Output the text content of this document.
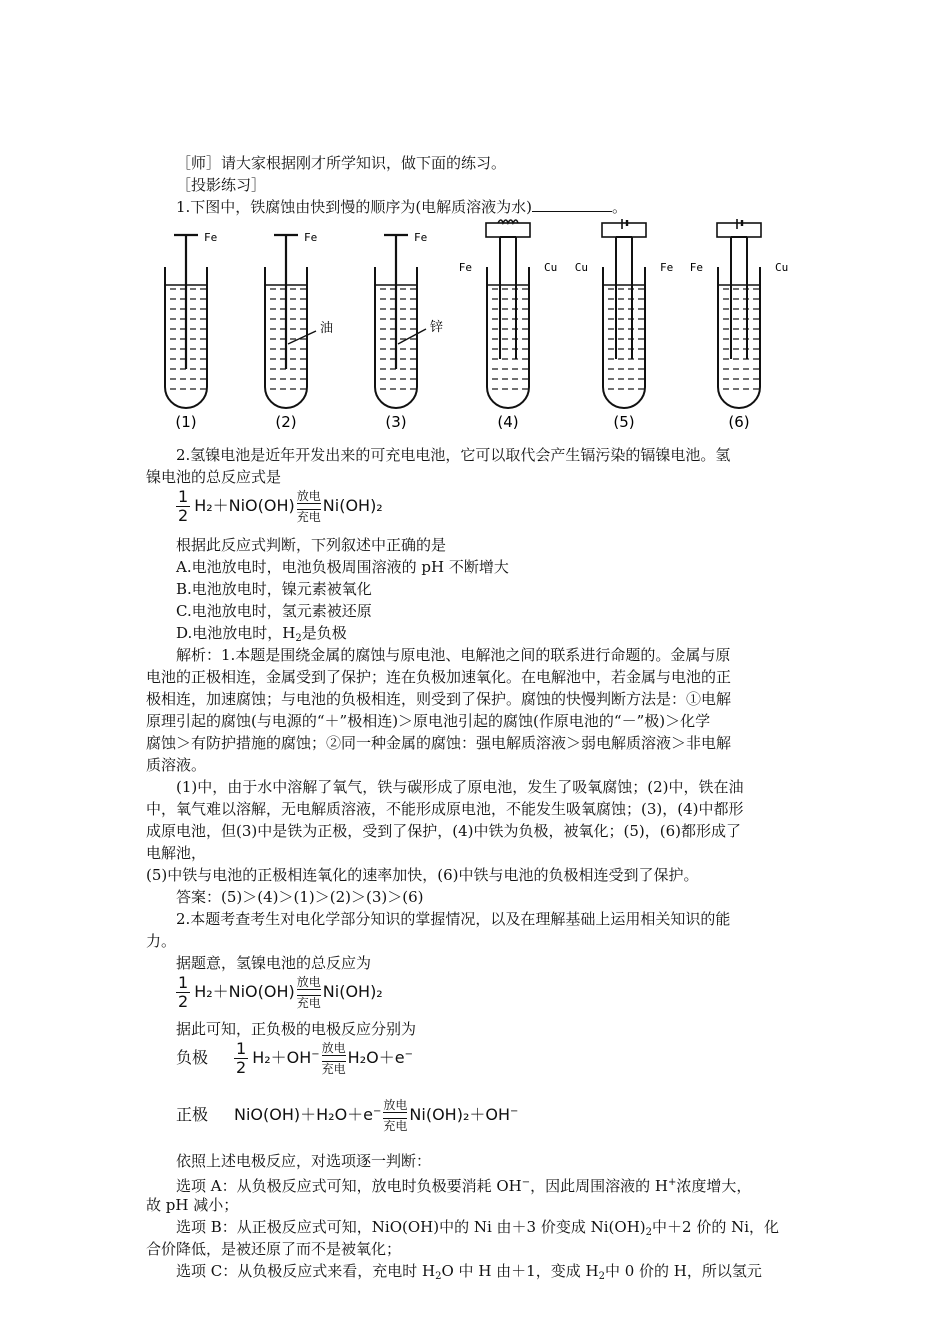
［师］请大家根据刚才所学知识，做下面的练习。
［投影练习］
1.下图中，铁腐蚀由快到慢的顺序为(电解质溶液为水)	。
(1)
Fe
(2)
Fe
油
(3)
Fe
锌
(4)
Fe	Cu
(5)
Cu	Fe
(6)
Fe	Cu
2.氢镍电池是近年开发出来的可充电电池，它可以取代会产生镉污染的镉镍电池。氢
镍电池的总反应式是
$\frac{1}{2} H_2+NiO(OH)$ 放电
充电Ni(OH)₂
根据此反应式判断，下列叙述中正确的是
A.电池放电时，电池负极周围溶液的 pH 不断增大
B.电池放电时，镍元素被氧化
C.电池放电时，氢元素被还原
D.电池放电时，$H_2$是负极
解析：1.本题是围绕金属的腐蚀与原电池、电解池之间的联系进行命题的。金属与原
电池的正极相连，金属受到了保护；连在负极加速氧化。在电解池中，若金属与电池的正
极相连，加速腐蚀；与电池的负极相连，则受到了保护。腐蚀的快慢判断方法是：①电解
原理引起的腐蚀(与电源的“＋”极相连)＞原电池引起的腐蚀(作原电池的“－”极)＞化学
腐蚀＞有防护措施的腐蚀；②同一种金属的腐蚀：强电解质溶液＞弱电解质溶液＞非电解
质溶液。
(1)中，由于水中溶解了氧气，铁与碳形成了原电池，发生了吸氧腐蚀；(2)中，铁在油
中，氧气难以溶解，无电解质溶液，不能形成原电池，不能发生吸氧腐蚀；(3)，(4)中都形
成原电池，但(3)中是铁为正极，受到了保护，(4)中铁为负极，被氧化；(5)，(6)都形成了
电解池，
(5)中铁与电池的正极相连氧化的速率加快，(6)中铁与电池的负极相连受到了保护。
答案：(5)＞(4)＞(1)＞(2)＞(3)＞(6)
2.本题考查考生对电化学部分知识的掌握情况，以及在理解基础上运用相关知识的能
力。
据题意，氢镍电池的总反应为
$\frac{1}{2} H_2+NiO(OH)$ 放电
充电Ni(OH)₂
据此可知，正负极的电极反应分别为
负极 $\frac{1}{2} H_2+OH^-$ 放电
充电H₂O＋e−
正极 NiO(OH)＋H₂O＋e− 放电
充电Ni(OH)₂＋OH−
依照上述电极反应，对选项逐一判断：
选项 A：从负极反应式可知，放电时负极要消耗 OH−，因此周围溶液的 H+浓度增大，
故 pH 减小；
选项 B：从正极反应式可知，NiO(OH)中的 Ni 由＋3 价变成 $Ni(OH)_2$中＋2 价的 Ni，化
合价降低，是被还原了而不是被氧化；
选项 C：从负极反应式来看，充电时 $H_2O$ 中 H 由＋1，变成 $H_2$中 0 价的 H，所以氢元
